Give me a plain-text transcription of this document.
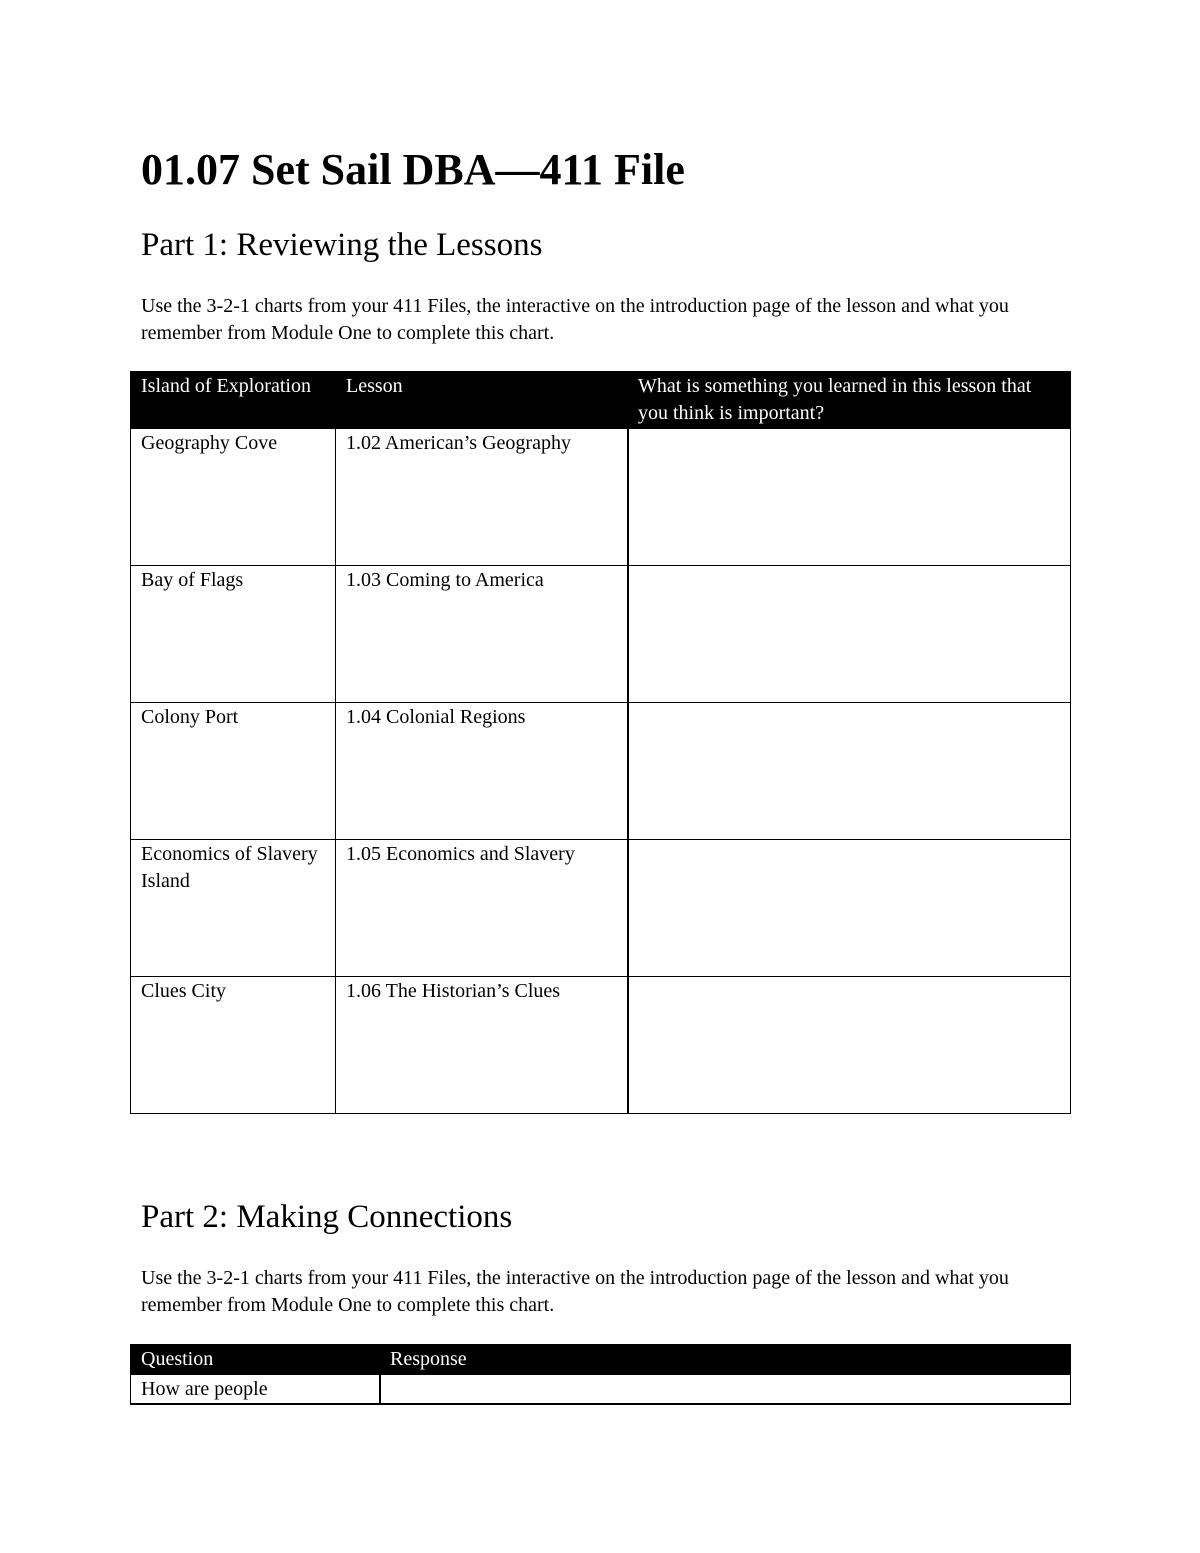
01.07 Set Sail DBA—411 File
Part 1: Reviewing the Lessons

Use the 3-2-1 charts from your 411 Files, the interactive on the introduction page of the lesson and what you remember from Module One to complete this chart.

Island of Exploration	Lesson	What is something you learned in this lesson that you think is important?
Geography Cove	1.02 American’s Geography	
Bay of Flags	1.03 Coming to America	
Colony Port	1.04 Colonial Regions	
Economics of Slavery Island	1.05 Economics and Slavery	
Clues City	1.06 The Historian’s Clues	
Part 2: Making Connections

Use the 3-2-1 charts from your 411 Files, the interactive on the introduction page of the lesson and what you remember from Module One to complete this chart.

Question	Response
How are people	
